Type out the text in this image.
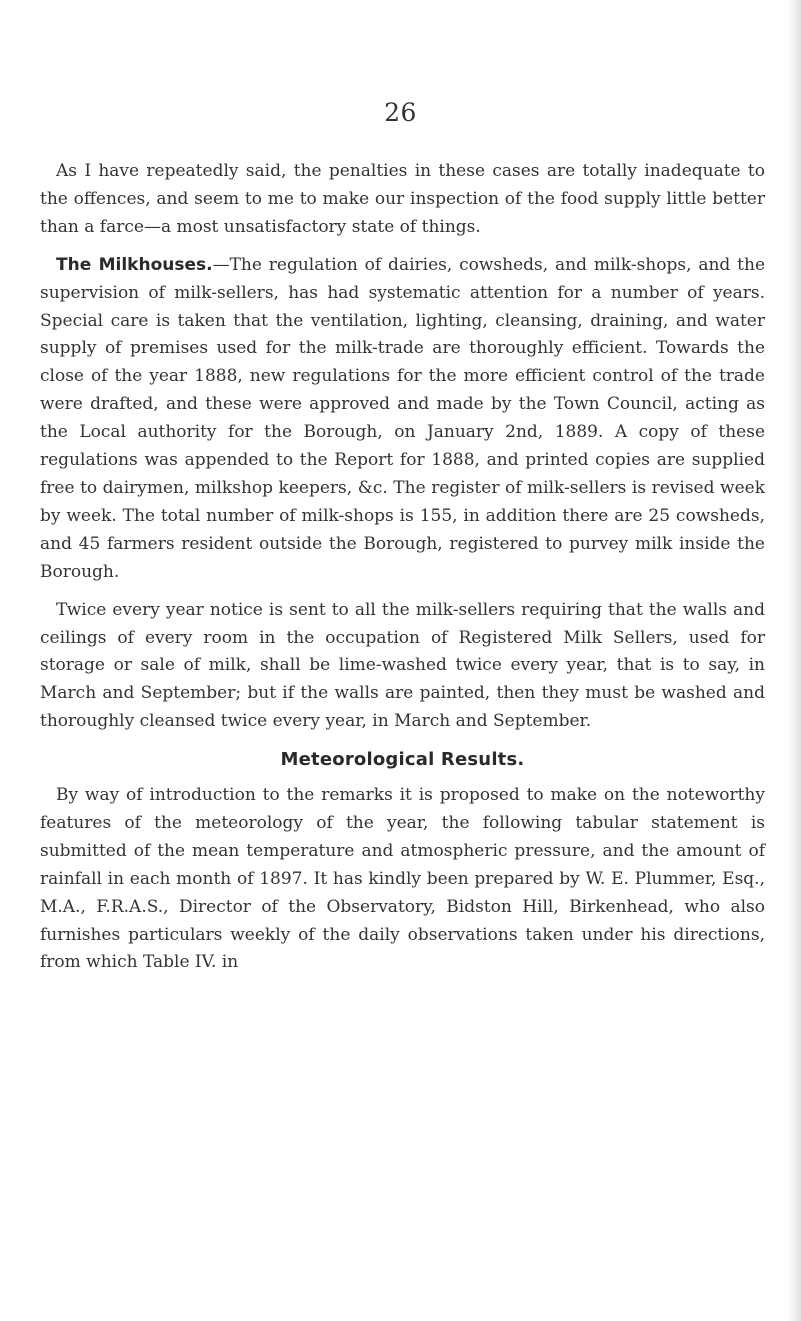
26

As I have repeatedly said, the penalties in these cases are totally inadequate to the offences, and seem to me to make our inspection of the food supply little better than a farce—a most unsatisfactory state of things.

The Milkhouses.—The regulation of dairies, cowsheds, and milk-shops, and the supervision of milk-sellers, has had systematic attention for a number of years. Special care is taken that the ventilation, lighting, cleansing, draining, and water supply of premises used for the milk-trade are thoroughly efficient. Towards the close of the year 1888, new regulations for the more efficient control of the trade were drafted, and these were approved and made by the Town Council, acting as the Local authority for the Borough, on January 2nd, 1889. A copy of these regulations was appended to the Report for 1888, and printed copies are supplied free to dairymen, milkshop keepers, &c. The register of milk-sellers is revised week by week. The total number of milk-shops is 155, in addition there are 25 cowsheds, and 45 farmers resident outside the Borough, registered to purvey milk inside the Borough.

Twice every year notice is sent to all the milk-sellers requiring that the walls and ceilings of every room in the occupation of Registered Milk Sellers, used for storage or sale of milk, shall be lime-washed twice every year, that is to say, in March and September; but if the walls are painted, then they must be washed and thoroughly cleansed twice every year, in March and September.

Meteorological Results.

By way of introduction to the remarks it is proposed to make on the noteworthy features of the meteorology of the year, the following tabular statement is submitted of the mean temperature and atmospheric pressure, and the amount of rainfall in each month of 1897. It has kindly been prepared by W. E. Plummer, Esq., M.A., F.R.A.S., Director of the Observatory, Bidston Hill, Birkenhead, who also furnishes particulars weekly of the daily observations taken under his directions, from which Table IV. in
